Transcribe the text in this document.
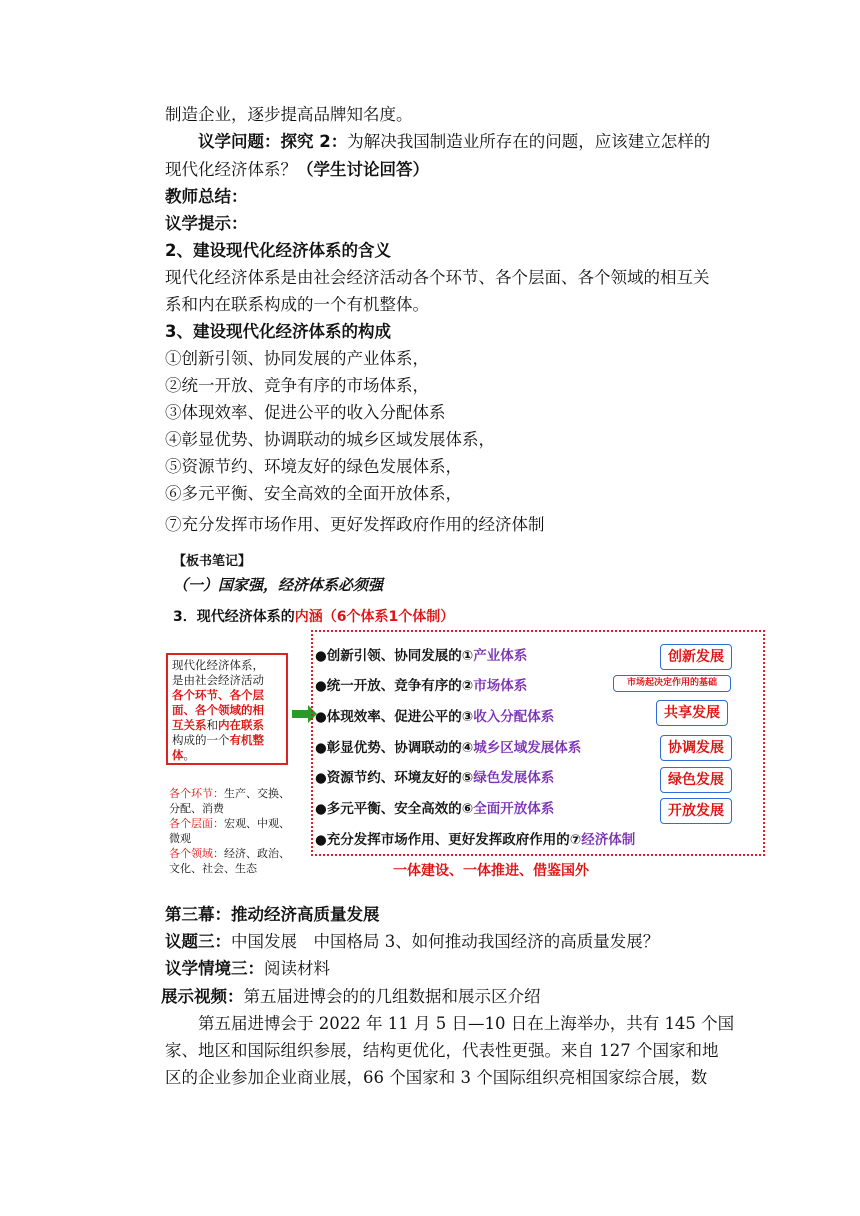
制造企业，逐步提高品牌知名度。
议学问题：探究 2：为解决我国制造业所存在的问题，应该建立怎样的
现代化经济体系？（学生讨论回答）
教师总结：
议学提示：
2、建设现代化经济体系的含义
现代化经济体系是由社会经济活动各个环节、各个层面、各个领域的相互关
系和内在联系构成的一个有机整体。
3、建设现代化经济体系的构成
①创新引领、协同发展的产业体系，
②统一开放、竞争有序的市场体系，
③体现效率、促进公平的收入分配体系
④彰显优势、协调联动的城乡区域发展体系，
⑤资源节约、环境友好的绿色发展体系，
⑥多元平衡、安全高效的全面开放体系，
⑦充分发挥市场作用、更好发挥政府作用的经济体制
【板书笔记】
（一）国家强，经济体系必须强
3．现代经济体系的内涵（6个体系1个体制）
现代化经济体系，
是由社会经济活动
各个环节、各个层
面、各个领域的相
互关系和内在联系
构成的一个有机整
体。
各个环节：生产、交换、
分配、消费
各个层面：宏观、中观、
微观
各个领域：经济、政治、
文化、社会、生态
●创新引领、协同发展的①产业体系
●统一开放、竞争有序的②市场体系
●体现效率、促进公平的③收入分配体系
●彰显优势、协调联动的④城乡区域发展体系
●资源节约、环境友好的⑤绿色发展体系
●多元平衡、安全高效的⑥全面开放体系
●充分发挥市场作用、更好发挥政府作用的⑦经济体制
创新发展
市场起决定作用的基础
共享发展
协调发展
绿色发展
开放发展
一体建设、一体推进、借鉴国外
第三幕：推动经济高质量发展
议题三：中国发展　中国格局 3、如何推动我国经济的高质量发展？
议学情境三：阅读材料
展示视频：第五届进博会的的几组数据和展示区介绍
第五届进博会于 2022 年 11 月 5 日—10 日在上海举办，共有 145 个国
家、地区和国际组织参展，结构更优化，代表性更强。来自 127 个国家和地
区的企业参加企业商业展，66 个国家和 3 个国际组织亮相国家综合展，数
